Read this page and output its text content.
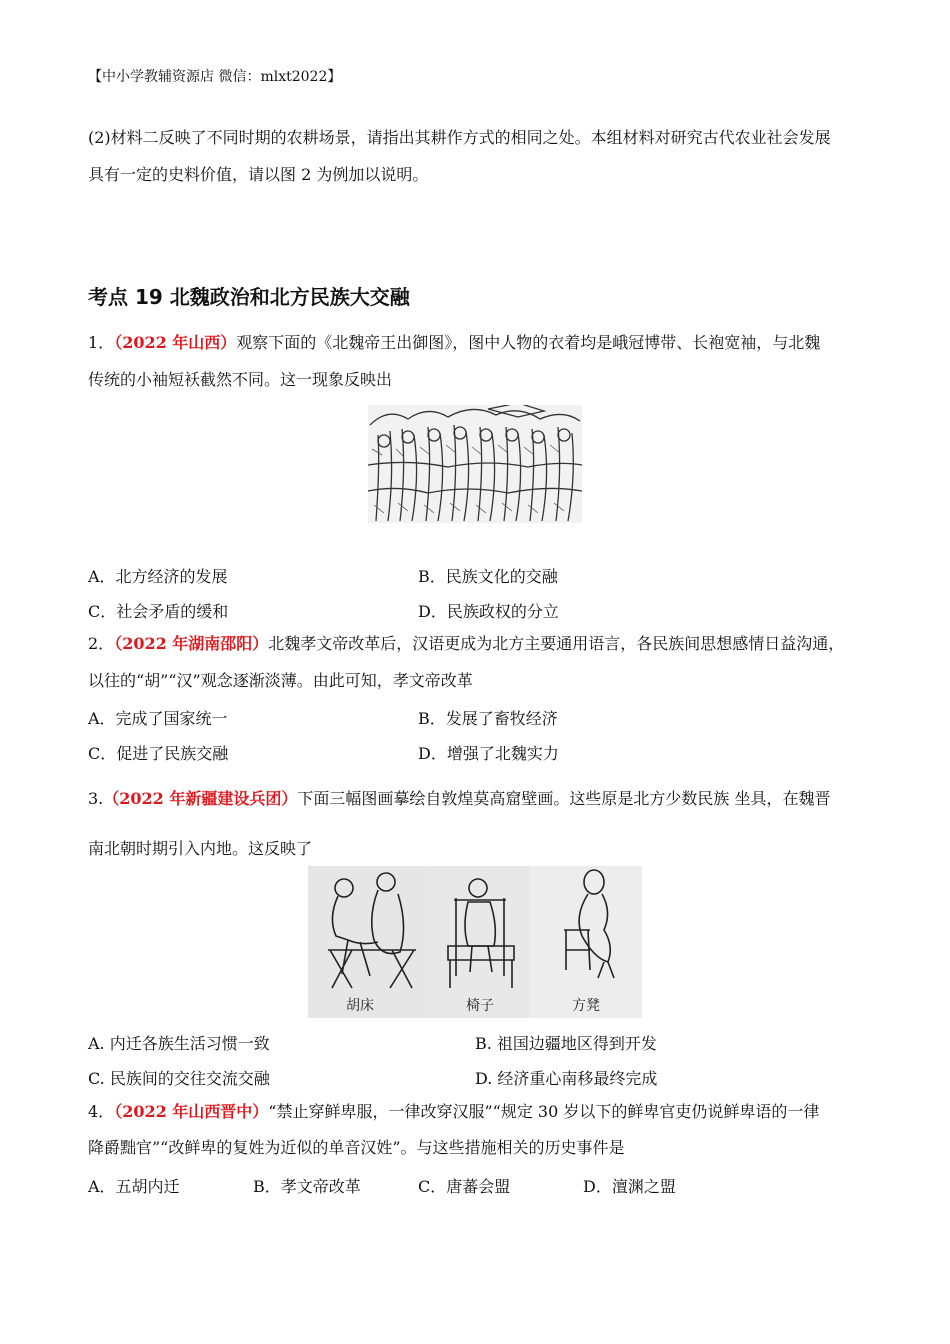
【中小学教辅资源店 微信：mlxt2022】
(2)材料二反映了不同时期的农耕场景，请指出其耕作方式的相同之处。本组材料对研究古代农业社会发展
具有一定的史料价值，请以图 2 为例加以说明。
考点 19 北魏政治和北方民族大交融
1．（2022 年山西）观察下面的《北魏帝王出御图》，图中人物的衣着均是峨冠博带、长袍宽袖，与北魏
传统的小袖短袄截然不同。这一现象反映出
A．北方经济的发展	B．民族文化的交融
C．社会矛盾的缓和	D．民族政权的分立
2．（2022 年湖南邵阳）北魏孝文帝改革后，汉语更成为北方主要通用语言，各民族间思想感情日益沟通，
以往的“胡”“汉”观念逐渐淡薄。由此可知，孝文帝改革
A．完成了国家统一	B．发展了畜牧经济
C．促进了民族交融	D．增强了北魏实力
3.（2022 年新疆建设兵团）下面三幅图画摹绘自敦煌莫高窟壁画。这些原是北方少数民族 坐具，在魏晋
南北朝时期引入内地。这反映了
胡床	椅子	方凳
A. 内迁各族生活习惯一致	B. 祖国边疆地区得到开发
C. 民族间的交往交流交融	D. 经济重心南移最终完成
4．（2022 年山西晋中）“禁止穿鲜卑服，一律改穿汉服”“规定 30 岁以下的鲜卑官吏仍说鲜卑语的一律
降爵黜官”“改鲜卑的复姓为近似的单音汉姓”。与这些措施相关的历史事件是
A．五胡内迁	B．孝文帝改革	C．唐蕃会盟	D．澶渊之盟
